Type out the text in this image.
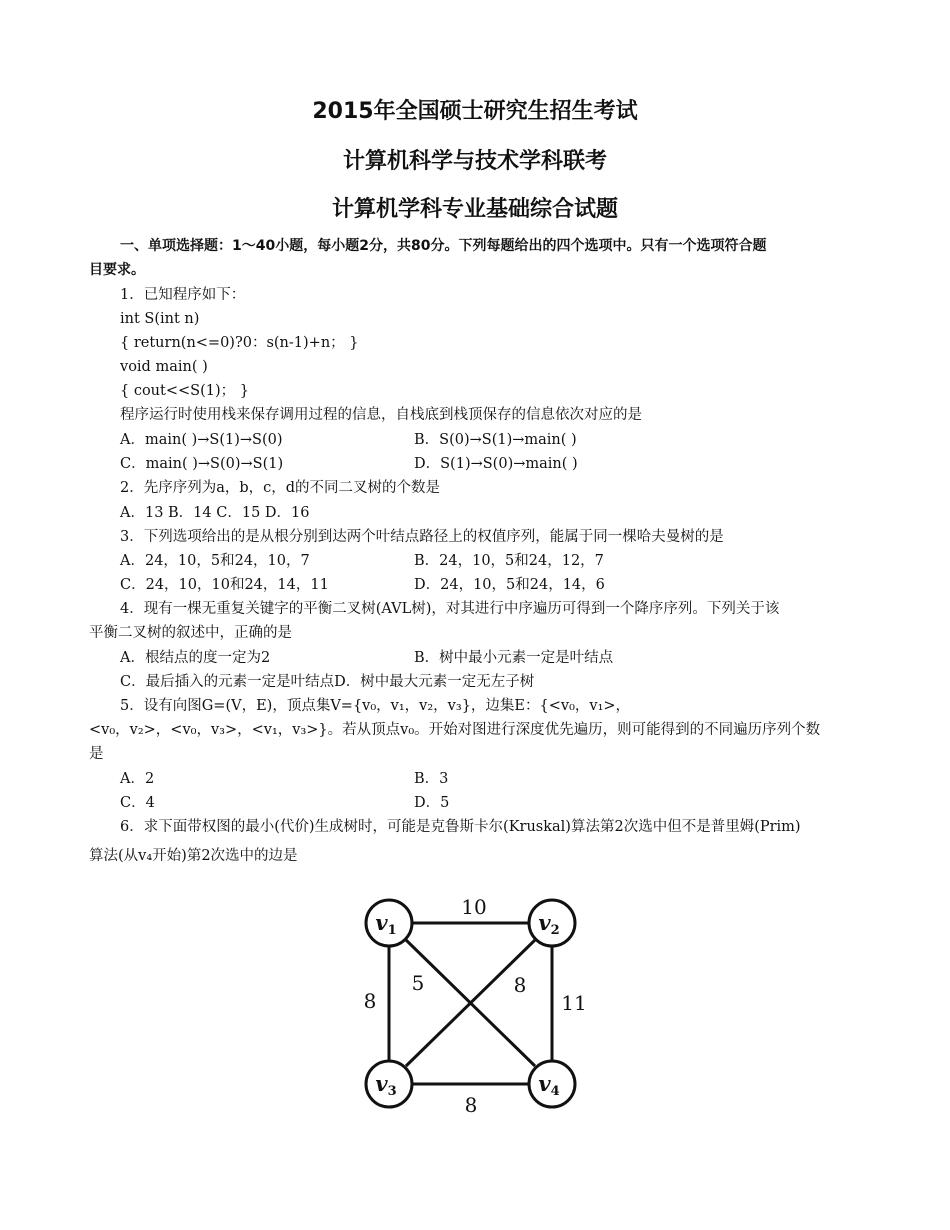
2015年全国硕士研究生招生考试
计算机科学与技术学科联考
计算机学科专业基础综合试题
一、单项选择题：1～40小题，每小题2分，共80分。下列每题给出的四个选项中。只有一个选项符合题
目要求。
1．已知程序如下：
int S(int n)
{ return(n<=0)?0：s(n-1)+n； }
void main( )
{ cout<<S(1)； }
程序运行时使用栈来保存调用过程的信息，自栈底到栈顶保存的信息依次对应的是
A．main( )→S(1)→S(0)	B．S(0)→S(1)→main( )
C．main( )→S(0)→S(1)	D．S(1)→S(0)→main( )
2．先序序列为a，b，c，d的不同二叉树的个数是
A．13 B．14 C．15 D．16
3．下列选项给出的是从根分别到达两个叶结点路径上的权值序列，能属于同一棵哈夫曼树的是
A．24，10，5和24，10，7	B．24，10，5和24，12，7
C．24，10，10和24，14，11	D．24，10，5和24，14，6
4．现有一棵无重复关键字的平衡二叉树(AVL树)，对其进行中序遍历可得到一个降序序列。下列关于该
平衡二叉树的叙述中，正确的是
A．根结点的度一定为2	B．树中最小元素一定是叶结点
C．最后插入的元素一定是叶结点D．树中最大元素一定无左子树
5．设有向图G=(V，E)，顶点集V={v₀，v₁，v₂，v₃}，边集E：{<v₀，v₁>，
<v₀，v₂>，<v₀，v₃>，<v₁，v₃>}。若从顶点v₀。开始对图进行深度优先遍历，则可能得到的不同遍历序列个数
是
A．2	B．3
C．4	D．5
6．求下面带权图的最小(代价)生成树时，可能是克鲁斯卡尔(Kruskal)算法第2次选中但不是普里姆(Prim)
算法(从v₄开始)第2次选中的边是
v1	v2
v3	v4
10
8
5	8
11
8
